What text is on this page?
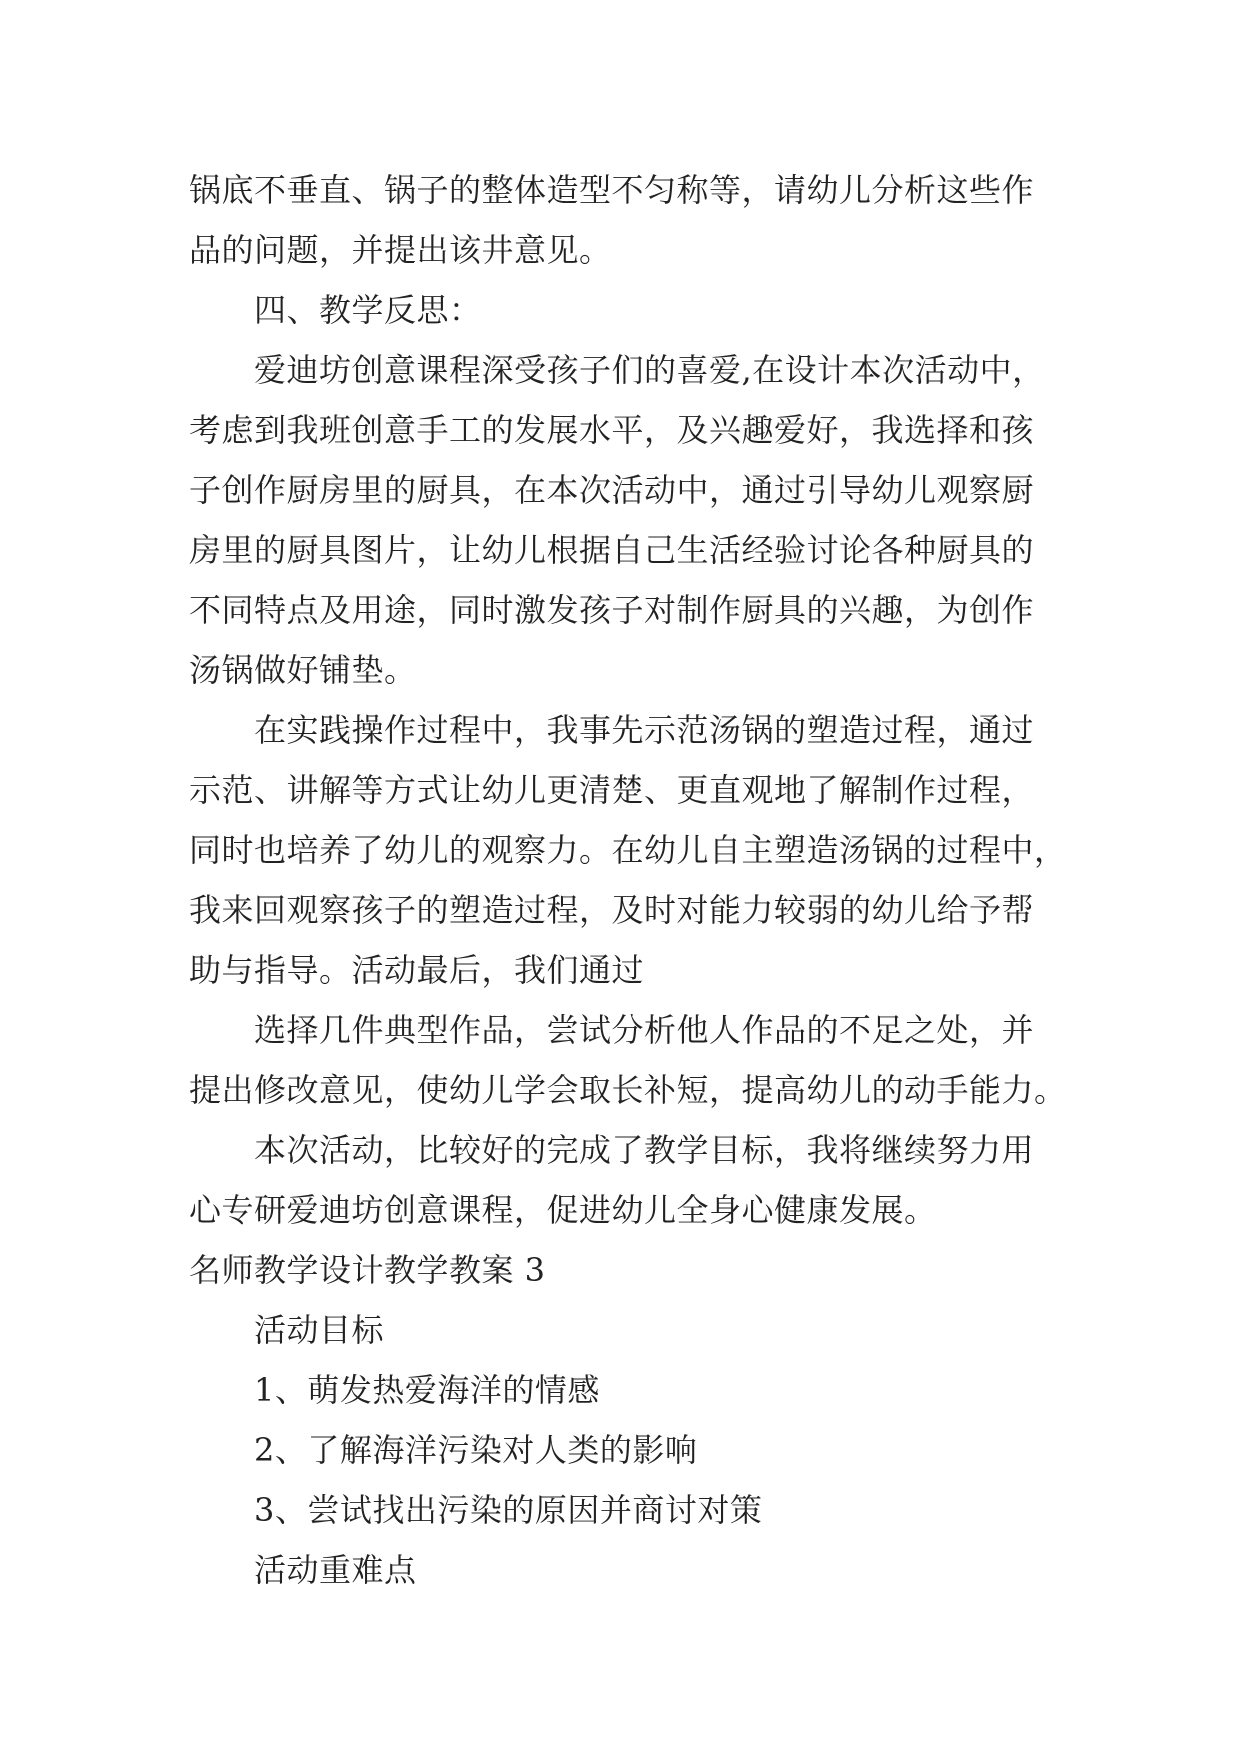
锅底不垂直、锅子的整体造型不匀称等，请幼儿分析这些作
品的问题，并提出该井意见。
四、教学反思：
爱迪坊创意课程深受孩子们的喜爱,在设计本次活动中，
考虑到我班创意手工的发展水平，及兴趣爱好，我选择和孩
子创作厨房里的厨具，在本次活动中，通过引导幼儿观察厨
房里的厨具图片，让幼儿根据自己生活经验讨论各种厨具的
不同特点及用途，同时激发孩子对制作厨具的兴趣，为创作
汤锅做好铺垫。
在实践操作过程中，我事先示范汤锅的塑造过程，通过
示范、讲解等方式让幼儿更清楚、更直观地了解制作过程，
同时也培养了幼儿的观察力。在幼儿自主塑造汤锅的过程中，
我来回观察孩子的塑造过程，及时对能力较弱的幼儿给予帮
助与指导。活动最后，我们通过
选择几件典型作品，尝试分析他人作品的不足之处，并
提出修改意见，使幼儿学会取长补短，提高幼儿的动手能力。
本次活动，比较好的完成了教学目标，我将继续努力用
心专研爱迪坊创意课程，促进幼儿全身心健康发展。
名师教学设计教学教案 3
活动目标
1、萌发热爱海洋的情感
2、了解海洋污染对人类的影响
3、尝试找出污染的原因并商讨对策
活动重难点
